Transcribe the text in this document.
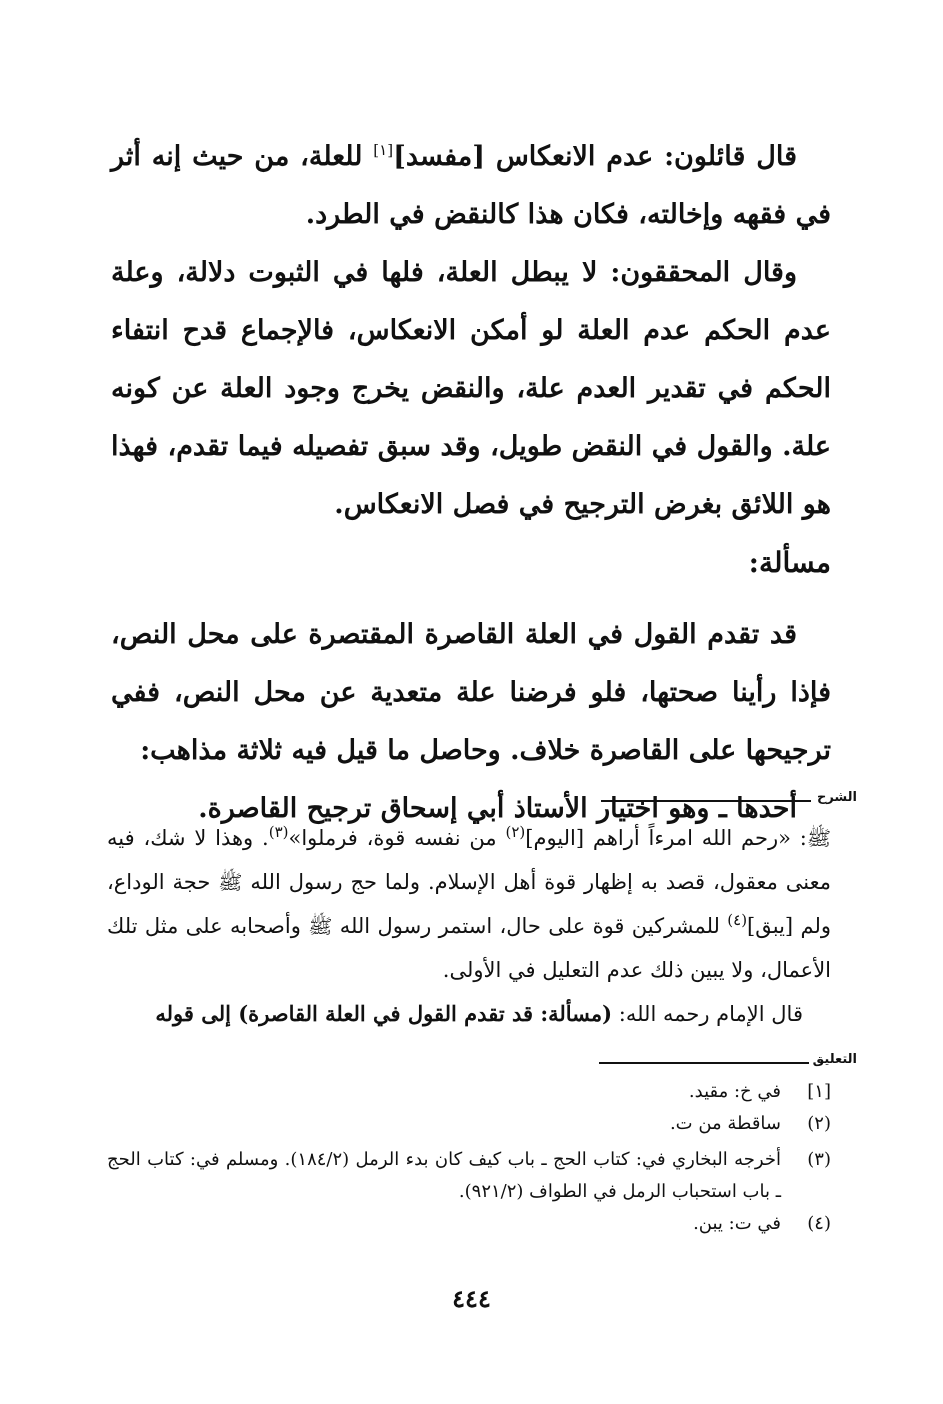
قال قائلون: عدم الانعكاس [مفسد][١] للعلة، من حيث إنه أثر في فقهه وإخالته، فكان هذا كالنقض في الطرد.

وقال المحققون: لا يبطل العلة، فلها في الثبوت دلالة، وعلة عدم الحكم عدم العلة لو أمكن الانعكاس، فالإجماع قدح انتفاء الحكم في تقدير العدم علة، والنقض يخرج وجود العلة عن كونه علة. والقول في النقض طويل، وقد سبق تفصيله فيما تقدم، فهذا هو اللائق بغرض الترجيح في فصل الانعكاس.

مسألة:

قد تقدم القول في العلة القاصرة المقتصرة على محل النص، فإذا رأينا صحتها، فلو فرضنا علة متعدية عن محل النص، ففي ترجيحها على القاصرة خلاف. وحاصل ما قيل فيه ثلاثة مذاهب:

أحدها ـ وهو اختيار الأستاذ أبي إسحاق ترجيح القاصرة.	الشرح

ﷺ: «رحم الله امرءاً أراهم [اليوم]$^{(٢)}$ من نفسه قوة، فرملوا»$^{(٣)}$. وهذا لا شك، فيه معنى معقول، قصد به إظهار قوة أهل الإسلام. ولما حج رسول الله ﷺ حجة الوداع، ولم [يبق]$^{(٤)}$ للمشركين قوة على حال، استمر رسول الله ﷺ وأصحابه على مثل تلك الأعمال، ولا يبين ذلك عدم التعليل في الأولى.

قال الإمام رحمه الله: (مسألة: قد تقدم القول في العلة القاصرة) إلى قوله

التعليق
[١]
في خ: مقيد.
(٢)
ساقطة من ت.
(٣)
أخرجه البخاري في: كتاب الحج ـ باب كيف كان بدء الرمل (١٨٤/٢). ومسلم في: كتاب الحج ـ باب استحباب الرمل في الطواف (٩٢١/٢).
(٤)
في ت: يبن.
٤٤٤
